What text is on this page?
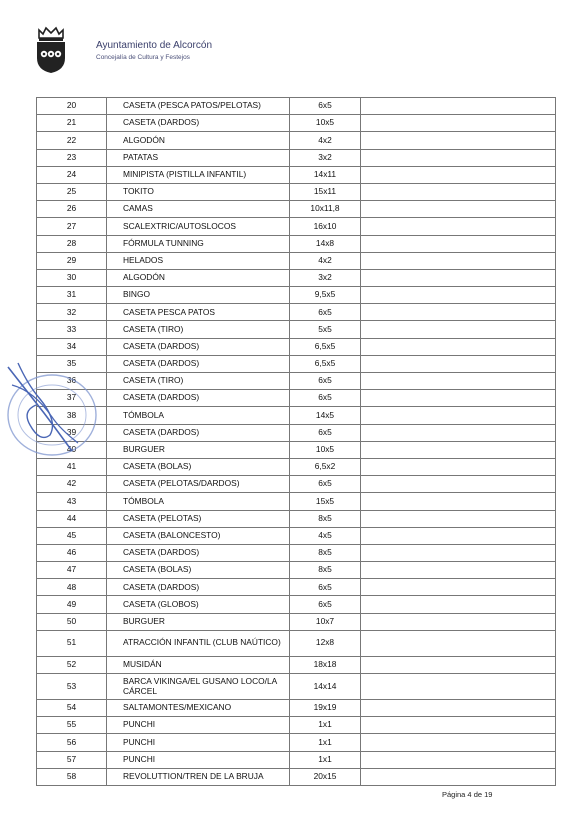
Ayuntamiento de Alcorcón
Concejalía de Cultura y Festejos
20	CASETA (PESCA PATOS/PELOTAS)	6x5	
21	CASETA (DARDOS)	10x5	
22	ALGODÓN	4x2	
23	PATATAS	3x2	
24	MINIPISTA (PISTILLA INFANTIL)	14x11	
25	TOKITO	15x11	
26	CAMAS	10x11,8	
27	SCALEXTRIC/AUTOSLOCOS	16x10	
28	FÓRMULA TUNNING	14x8	
29	HELADOS	4x2	
30	ALGODÓN	3x2	
31	BINGO	9,5x5	
32	CASETA PESCA PATOS	6x5	
33	CASETA (TIRO)	5x5	
34	CASETA (DARDOS)	6,5x5	
35	CASETA (DARDOS)	6,5x5	
36	CASETA (TIRO)	6x5	
37	CASETA (DARDOS)	6x5	
38	TÓMBOLA	14x5	
39	CASETA (DARDOS)	6x5	
40	BURGUER	10x5	
41	CASETA (BOLAS)	6,5x2	
42	CASETA (PELOTAS/DARDOS)	6x5	
43	TÓMBOLA	15x5	
44	CASETA (PELOTAS)	8x5	
45	CASETA (BALONCESTO)	4x5	
46	CASETA (DARDOS)	8x5	
47	CASETA (BOLAS)	8x5	
48	CASETA (DARDOS)	6x5	
49	CASETA (GLOBOS)	6x5	
50	BURGUER	10x7	
51	ATRACCIÓN INFANTIL (CLUB NAÚTICO)	12x8	
52	MUSIDÁN	18x18	
53	BARCA VIKINGA/EL GUSANO LOCO/LA CÁRCEL	14x14	
54	SALTAMONTES/MEXICANO	19x19	
55	PUNCHI	1x1	
56	PUNCHI	1x1	
57	PUNCHI	1x1	
58	REVOLUTTION/TREN DE LA BRUJA	20x15	
Página 4 de 19
